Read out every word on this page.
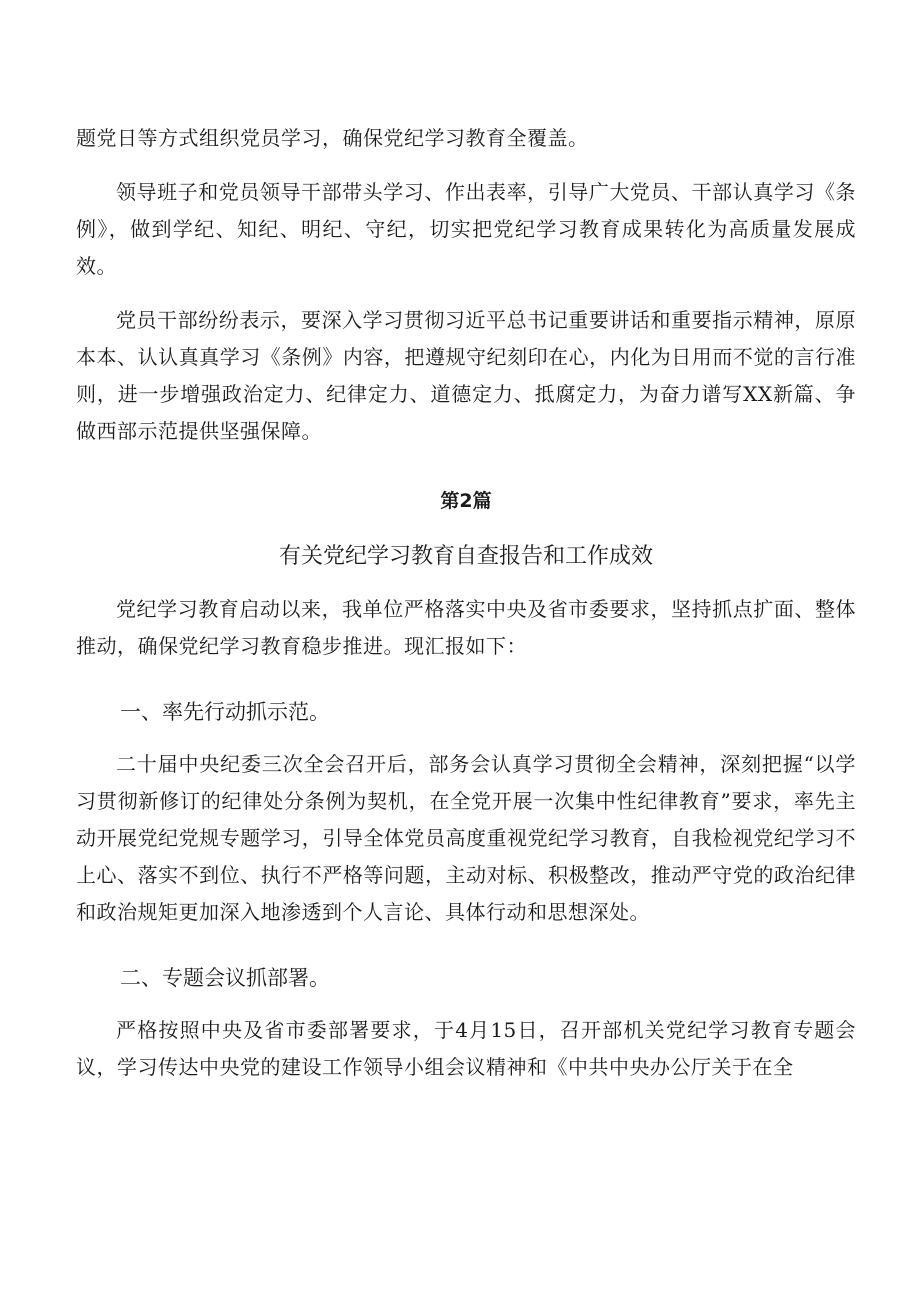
题党日等方式组织党员学习，确保党纪学习教育全覆盖。

领导班子和党员领导干部带头学习、作出表率，引导广大党员、干部认真学习《条例》，做到学纪、知纪、明纪、守纪，切实把党纪学习教育成果转化为高质量发展成效。

党员干部纷纷表示，要深入学习贯彻习近平总书记重要讲话和重要指示精神，原原本本、认认真真学习《条例》内容，把遵规守纪刻印在心，内化为日用而不觉的言行准则，进一步增强政治定力、纪律定力、道德定力、抵腐定力，为奋力谱写XX新篇、争做西部示范提供坚强保障。

第2篇
有关党纪学习教育自查报告和工作成效

党纪学习教育启动以来，我单位严格落实中央及省市委要求，坚持抓点扩面、整体推动，确保党纪学习教育稳步推进。现汇报如下：

一、率先行动抓示范。

二十届中央纪委三次全会召开后，部务会认真学习贯彻全会精神，深刻把握“以学习贯彻新修订的纪律处分条例为契机，在全党开展一次集中性纪律教育”要求，率先主动开展党纪党规专题学习，引导全体党员高度重视党纪学习教育，自我检视党纪学习不上心、落实不到位、执行不严格等问题，主动对标、积极整改，推动严守党的政治纪律和政治规矩更加深入地渗透到个人言论、具体行动和思想深处。

二、专题会议抓部署。

严格按照中央及省市委部署要求，于4月15日，召开部机关党纪学习教育专题会议，学习传达中央党的建设工作领导小组会议精神和《中共中央办公厅关于在全
